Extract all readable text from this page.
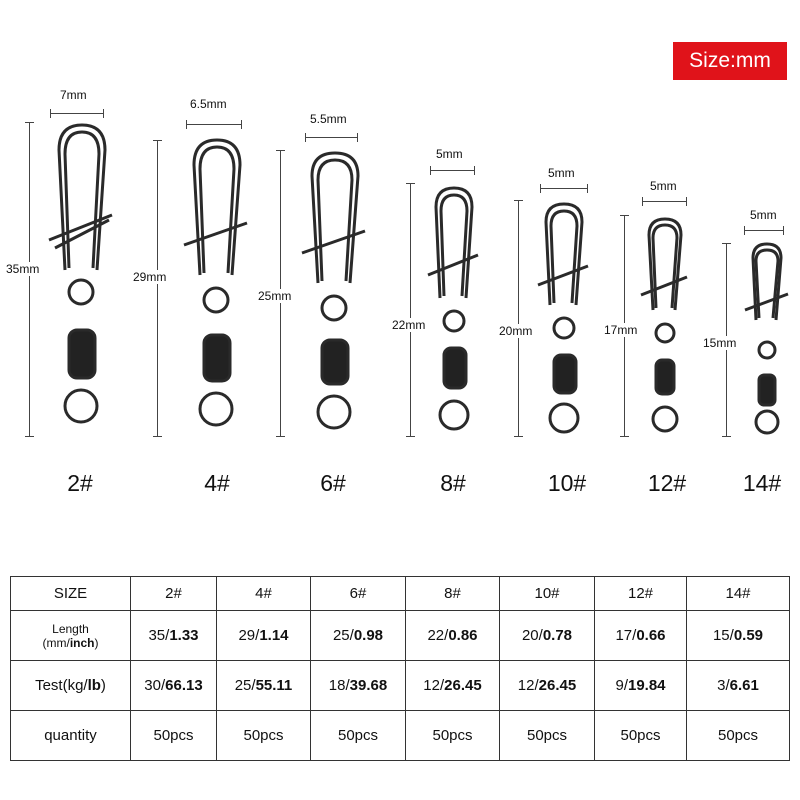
Size:mm
7mm
6.5mm
5.5mm
5mm
5mm
5mm
5mm
35mm
29mm
25mm
22mm	20mm	17mm
15mm
2#	4#	6#	8#	10#	12#	14#
SIZE	2#	4#	6#	8#	10#	12#	14#
Length
(mm/inch)	35/1.33	29/1.14	25/0.98	22/0.86	20/0.78	17/0.66	15/0.59
Test(kg/lb)	30/66.13	25/55.11	18/39.68	12/26.45	12/26.45	9/19.84	3/6.61
quantity	50pcs	50pcs	50pcs	50pcs	50pcs	50pcs	50pcs
